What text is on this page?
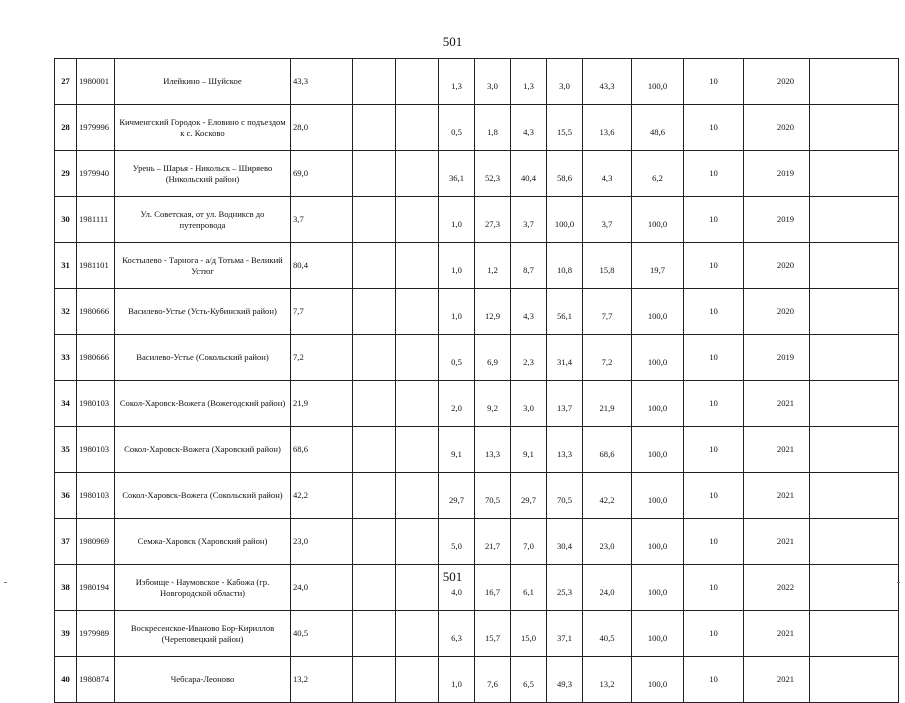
501
27	1980001	Илейкино – Шуйское	43,3			1,3	3,0	1,3	3,0	43,3	100,0	10	2020	
28	1979996	Кичменгский Городок - Еловино с подъездом к с. Косково	28,0			0,5	1,8	4,3	15,5	13,6	48,6	10	2020	
29	1979940	Урень – Шарья - Никольск – Ширяево (Никольский район)	69,0			36,1	52,3	40,4	58,6	4,3	6,2	10	2019	
30	1981111	Ул. Советская, от ул. Водниксв до путепровода	3,7			1,0	27,3	3,7	100,0	3,7	100,0	10	2019	
31	1981101	Костылево - Тарнога - а/д Тотьма - Великий Устюг	80,4			1,0	1,2	8,7	10,8	15,8	19,7	10	2020	
32	1980666	Василево-Устье (Усть-Кубинский район)	7,7			1,0	12,9	4,3	56,1	7,7	100,0	10	2020	
33	1980666	Василево-Устье (Сокольский район)	7,2			0,5	6,9	2,3	31,4	7,2	100,0	10	2019	
34	1980103	Сокол-Харовск-Вожега (Вожегодский район)	21,9			2,0	9,2	3,0	13,7	21,9	100,0	10	2021	
35	1980103	Сокол-Харовск-Вожега (Харовский район)	68,6			9,1	13,3	9,1	13,3	68,6	100,0	10	2021	
36	1980103	Сокол-Харовск-Вожега (Сокольский район)	42,2			29,7	70,5	29,7	70,5	42,2	100,0	10	2021	
37	1980969	Семжа-Харовск (Харовский район)	23,0			5,0	21,7	7,0	30,4	23,0	100,0	10	2021	
38	1980194	Избоище - Наумовское - Кабожа (гр. Новгородской области)	24,0			4,0	16,7	6,1	25,3	24,0	100,0	10	2022	
39	1979989	Воскресенское-Иваново Бор-Кириллов (Череповецкий район)	40,5			6,3	15,7	15,0	37,1	40,5	100,0	10	2021	
40	1980874	Чебсара-Леоново	13,2			1,0	7,6	6,5	49,3	13,2	100,0	10	2021	
501
